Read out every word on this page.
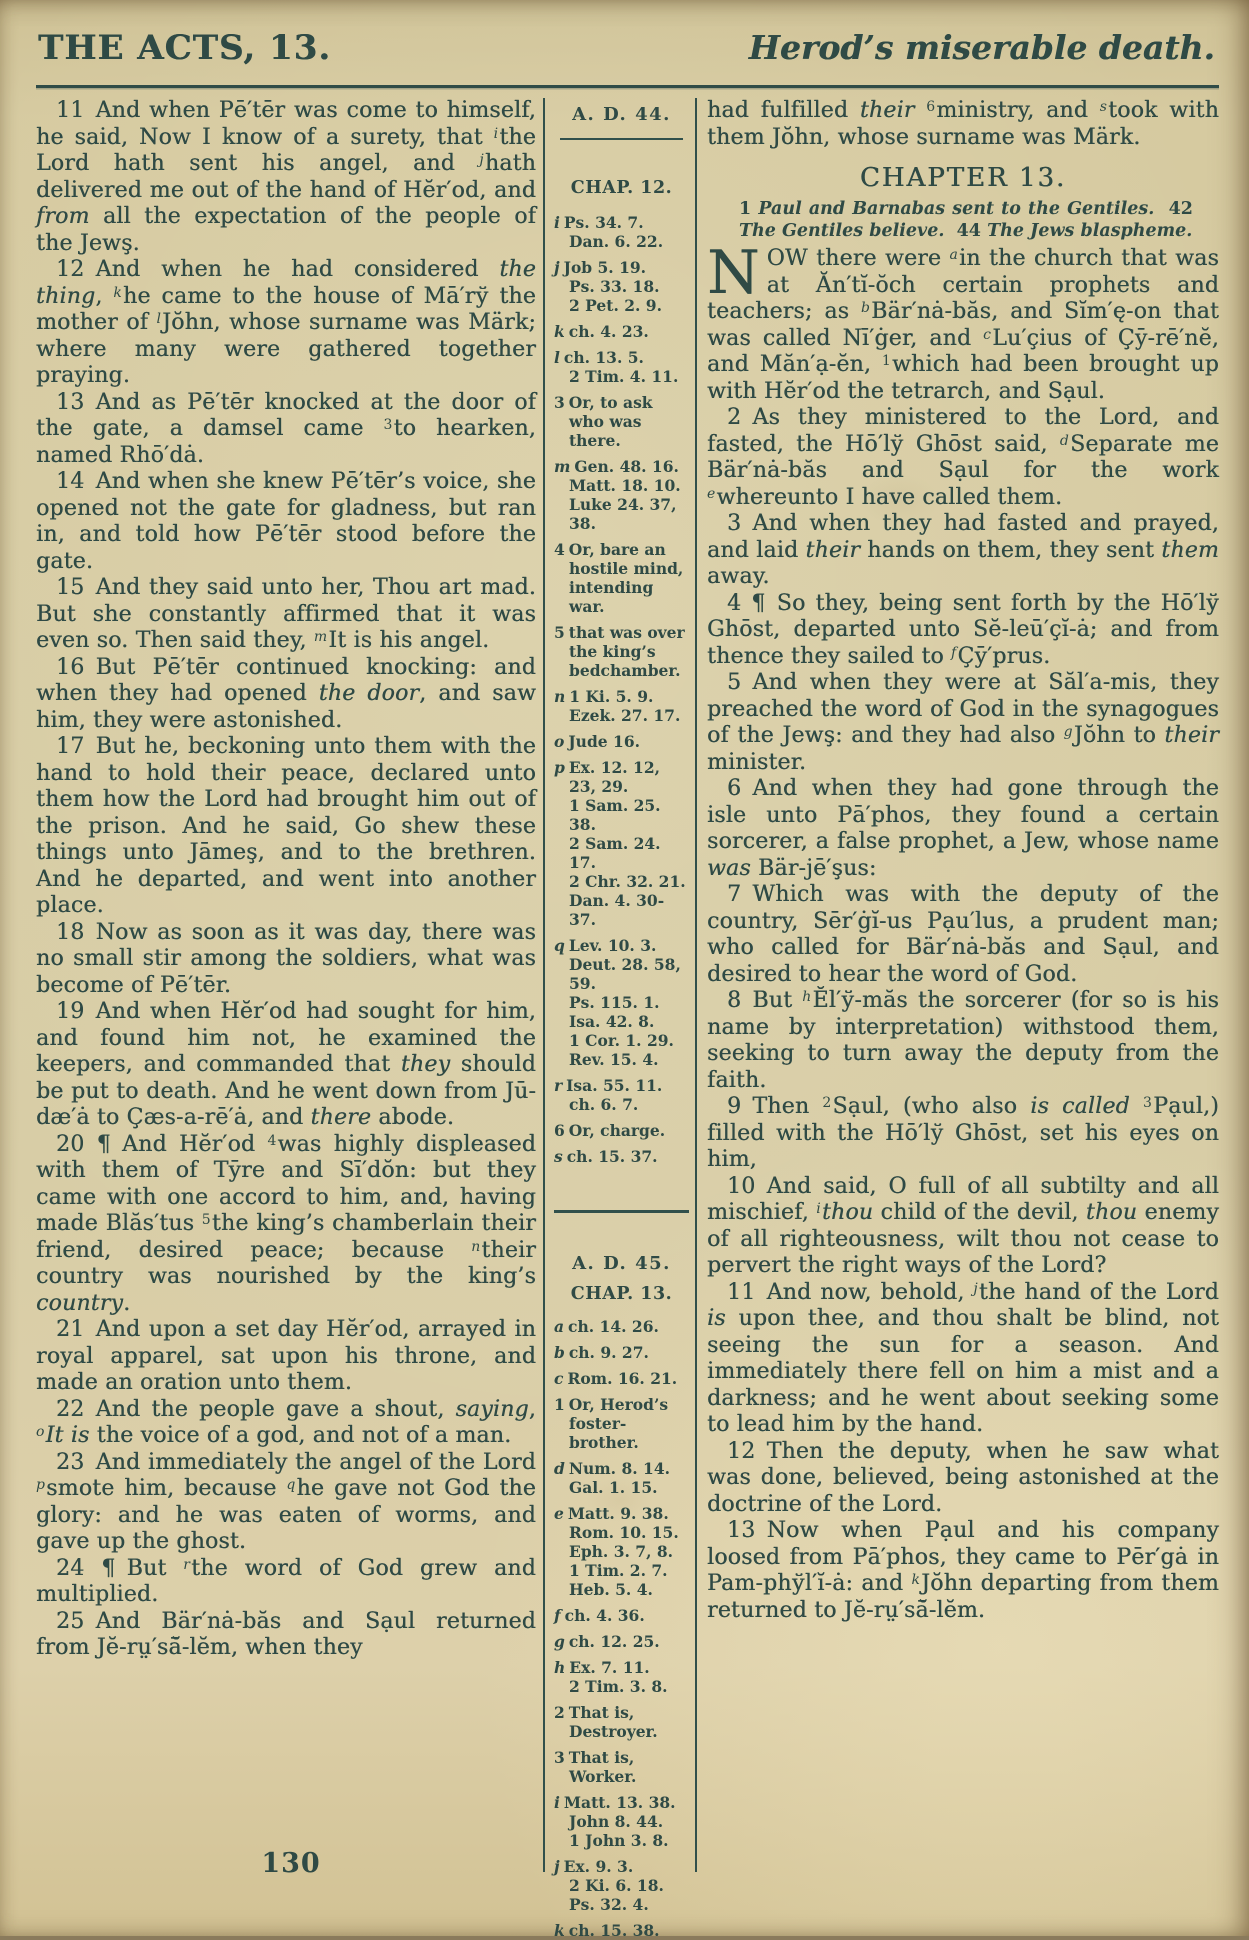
THE ACTS, 13.	Herod’s miserable death.

11 And when Pē′tēr was come to himself, he said, Now I know of a surety, that $^i$the Lord hath sent his angel, and $^j$hath delivered me out of the hand of Hĕr′od, and from all the expectation of the people of the Jewş.

12 And when he had considered the thing, $^k$he came to the house of Mā′rў the mother of $^l$Jŏhn, whose surname was Märk; where many were gathered together praying.

13 And as Pē′tēr knocked at the door of the gate, a damsel came $^3$to hearken, named Rhō′dȧ.

14 And when she knew Pē′tēr’s voice, she opened not the gate for gladness, but ran in, and told how Pē′tēr stood before the gate.

15 And they said unto her, Thou art mad. But she constantly affirmed that it was even so. Then said they, $^m$It is his angel.

16 But Pē′tēr continued knocking: and when they had opened the door, and saw him, they were astonished.

17 But he, beckoning unto them with the hand to hold their peace, declared unto them how the Lord had brought him out of the prison. And he said, Go shew these things unto Jāmeş, and to the brethren. And he departed, and went into another place.

18 Now as soon as it was day, there was no small stir among the soldiers, what was become of Pē′tēr.

19 And when Hĕr′od had sought for him, and found him not, he examined the keepers, and commanded that they should be put to death. And he went down from Jū-dæ′ȧ to Çæs-a-rē′ȧ, and there abode.

20 ¶ And Hĕr′od $^4$was highly displeased with them of Tȳre and Sī′dŏn: but they came with one accord to him, and, having made Blăs′tus $^5$the king’s chamberlain their friend, desired peace; because $^n$their country was nourished by the king’s country.

21 And upon a set day Hĕr′od, arrayed in royal apparel, sat upon his throne, and made an oration unto them.

22 And the people gave a shout, saying, $^o$It is the voice of a god, and not of a man.

23 And immediately the angel of the Lord $^p$smote him, because $^q$he gave not God the glory: and he was eaten of worms, and gave up the ghost.

24 ¶ But $^r$the word of God grew and multiplied.

25 And Bär′nȧ-băs and Sạul returned from Jĕ-rṳ′sā̆-lĕm, when they

A. D. 44.
CHAP. 12.

i Ps. 34. 7.
Dan. 6. 22.

j Job 5. 19.
Ps. 33. 18.
2 Pet. 2. 9.

k ch. 4. 23.

l ch. 13. 5.
2 Tim. 4. 11.

3 Or, to ask who was there.

m Gen. 48. 16.
Matt. 18. 10.
Luke 24. 37, 38.

4 Or, bare an hostile mind, intending war.

5 that was over the king’s bedchamber.

n 1 Ki. 5. 9.
Ezek. 27. 17.

o Jude 16.

p Ex. 12. 12, 23, 29.
1 Sam. 25. 38.
2 Sam. 24. 17.
2 Chr. 32. 21.
Dan. 4. 30-37.

q Lev. 10. 3.
Deut. 28. 58, 59.
Ps. 115. 1.
Isa. 42. 8.
1 Cor. 1. 29.
Rev. 15. 4.

r Isa. 55. 11.
ch. 6. 7.

6 Or, charge.

s ch. 15. 37.

A. D. 45.
CHAP. 13.

a ch. 14. 26.

b ch. 9. 27.

c Rom. 16. 21.

1 Or, Herod’s foster-brother.

d Num. 8. 14.
Gal. 1. 15.

e Matt. 9. 38.
Rom. 10. 15.
Eph. 3. 7, 8.
1 Tim. 2. 7.
Heb. 5. 4.

f ch. 4. 36.

g ch. 12. 25.

h Ex. 7. 11.
2 Tim. 3. 8.

2 That is, Destroyer.

3 That is, Worker.

i Matt. 13. 38.
John 8. 44.
1 John 3. 8.

j Ex. 9. 3.
2 Ki. 6. 18.
Ps. 32. 4.

k ch. 15. 38.

had fulfilled their $^6$ministry, and $^s$took with them Jŏhn, whose surname was Märk.

CHAPTER 13.

1 Paul and Barnabas sent to the Gentiles.  42 The Gentiles believe.  44 The Jews blaspheme.

NOW there were $^a$in the church that was at Ăn′tĭ-ŏch certain prophets and teachers; as $^b$Bär′nȧ-băs, and Sĭm′ę-on that was called Nī′ġer, and $^c$Lu′çius of Çȳ-rē′nĕ, and Măn′ạ-ĕn, $^1$which had been brought up with Hĕr′od the tetrarch, and Sạul.

2 As they ministered to the Lord, and fasted, the Hō′lў Ghōst said, $^d$Separate me Bär′nȧ-băs and Sạul for the work $^e$whereunto I have called them.

3 And when they had fasted and prayed, and laid their hands on them, they sent them away.

4 ¶ So they, being sent forth by the Hō′lў Ghōst, departed unto Sĕ-leū′çĭ-ȧ; and from thence they sailed to $^f$Çȳ′prus.

5 And when they were at Săl′a-mis, they preached the word of God in the synagogues of the Jewş: and they had also $^g$Jŏhn to their minister.

6 And when they had gone through the isle unto Pā′phos, they found a certain sorcerer, a false prophet, a Jew, whose name was Bär-jē′şus:

7 Which was with the deputy of the country, Sēr′ġĭ-us Pạu′lus, a prudent man; who called for Bär′nȧ-băs and Sạul, and desired to hear the word of God.

8 But $^h$Ĕl′ў-măs the sorcerer (for so is his name by interpretation) withstood them, seeking to turn away the deputy from the faith.

9 Then $^2$Sạul, (who also is called $^3$Pạul,) filled with the Hō′lў Ghōst, set his eyes on him,

10 And said, O full of all subtilty and all mischief, $^i$thou child of the devil, thou enemy of all righteousness, wilt thou not cease to pervert the right ways of the Lord?

11 And now, behold, $^j$the hand of the Lord is upon thee, and thou shalt be blind, not seeing the sun for a season. And immediately there fell on him a mist and a darkness; and he went about seeking some to lead him by the hand.

12 Then the deputy, when he saw what was done, believed, being astonished at the doctrine of the Lord.

13 Now when Pạul and his company loosed from Pā′phos, they came to Pēr′gȧ in Pam-phўl′ĭ-ȧ: and $^k$Jŏhn departing from them returned to Jĕ-rṳ′sā̆-lĕm.

130
